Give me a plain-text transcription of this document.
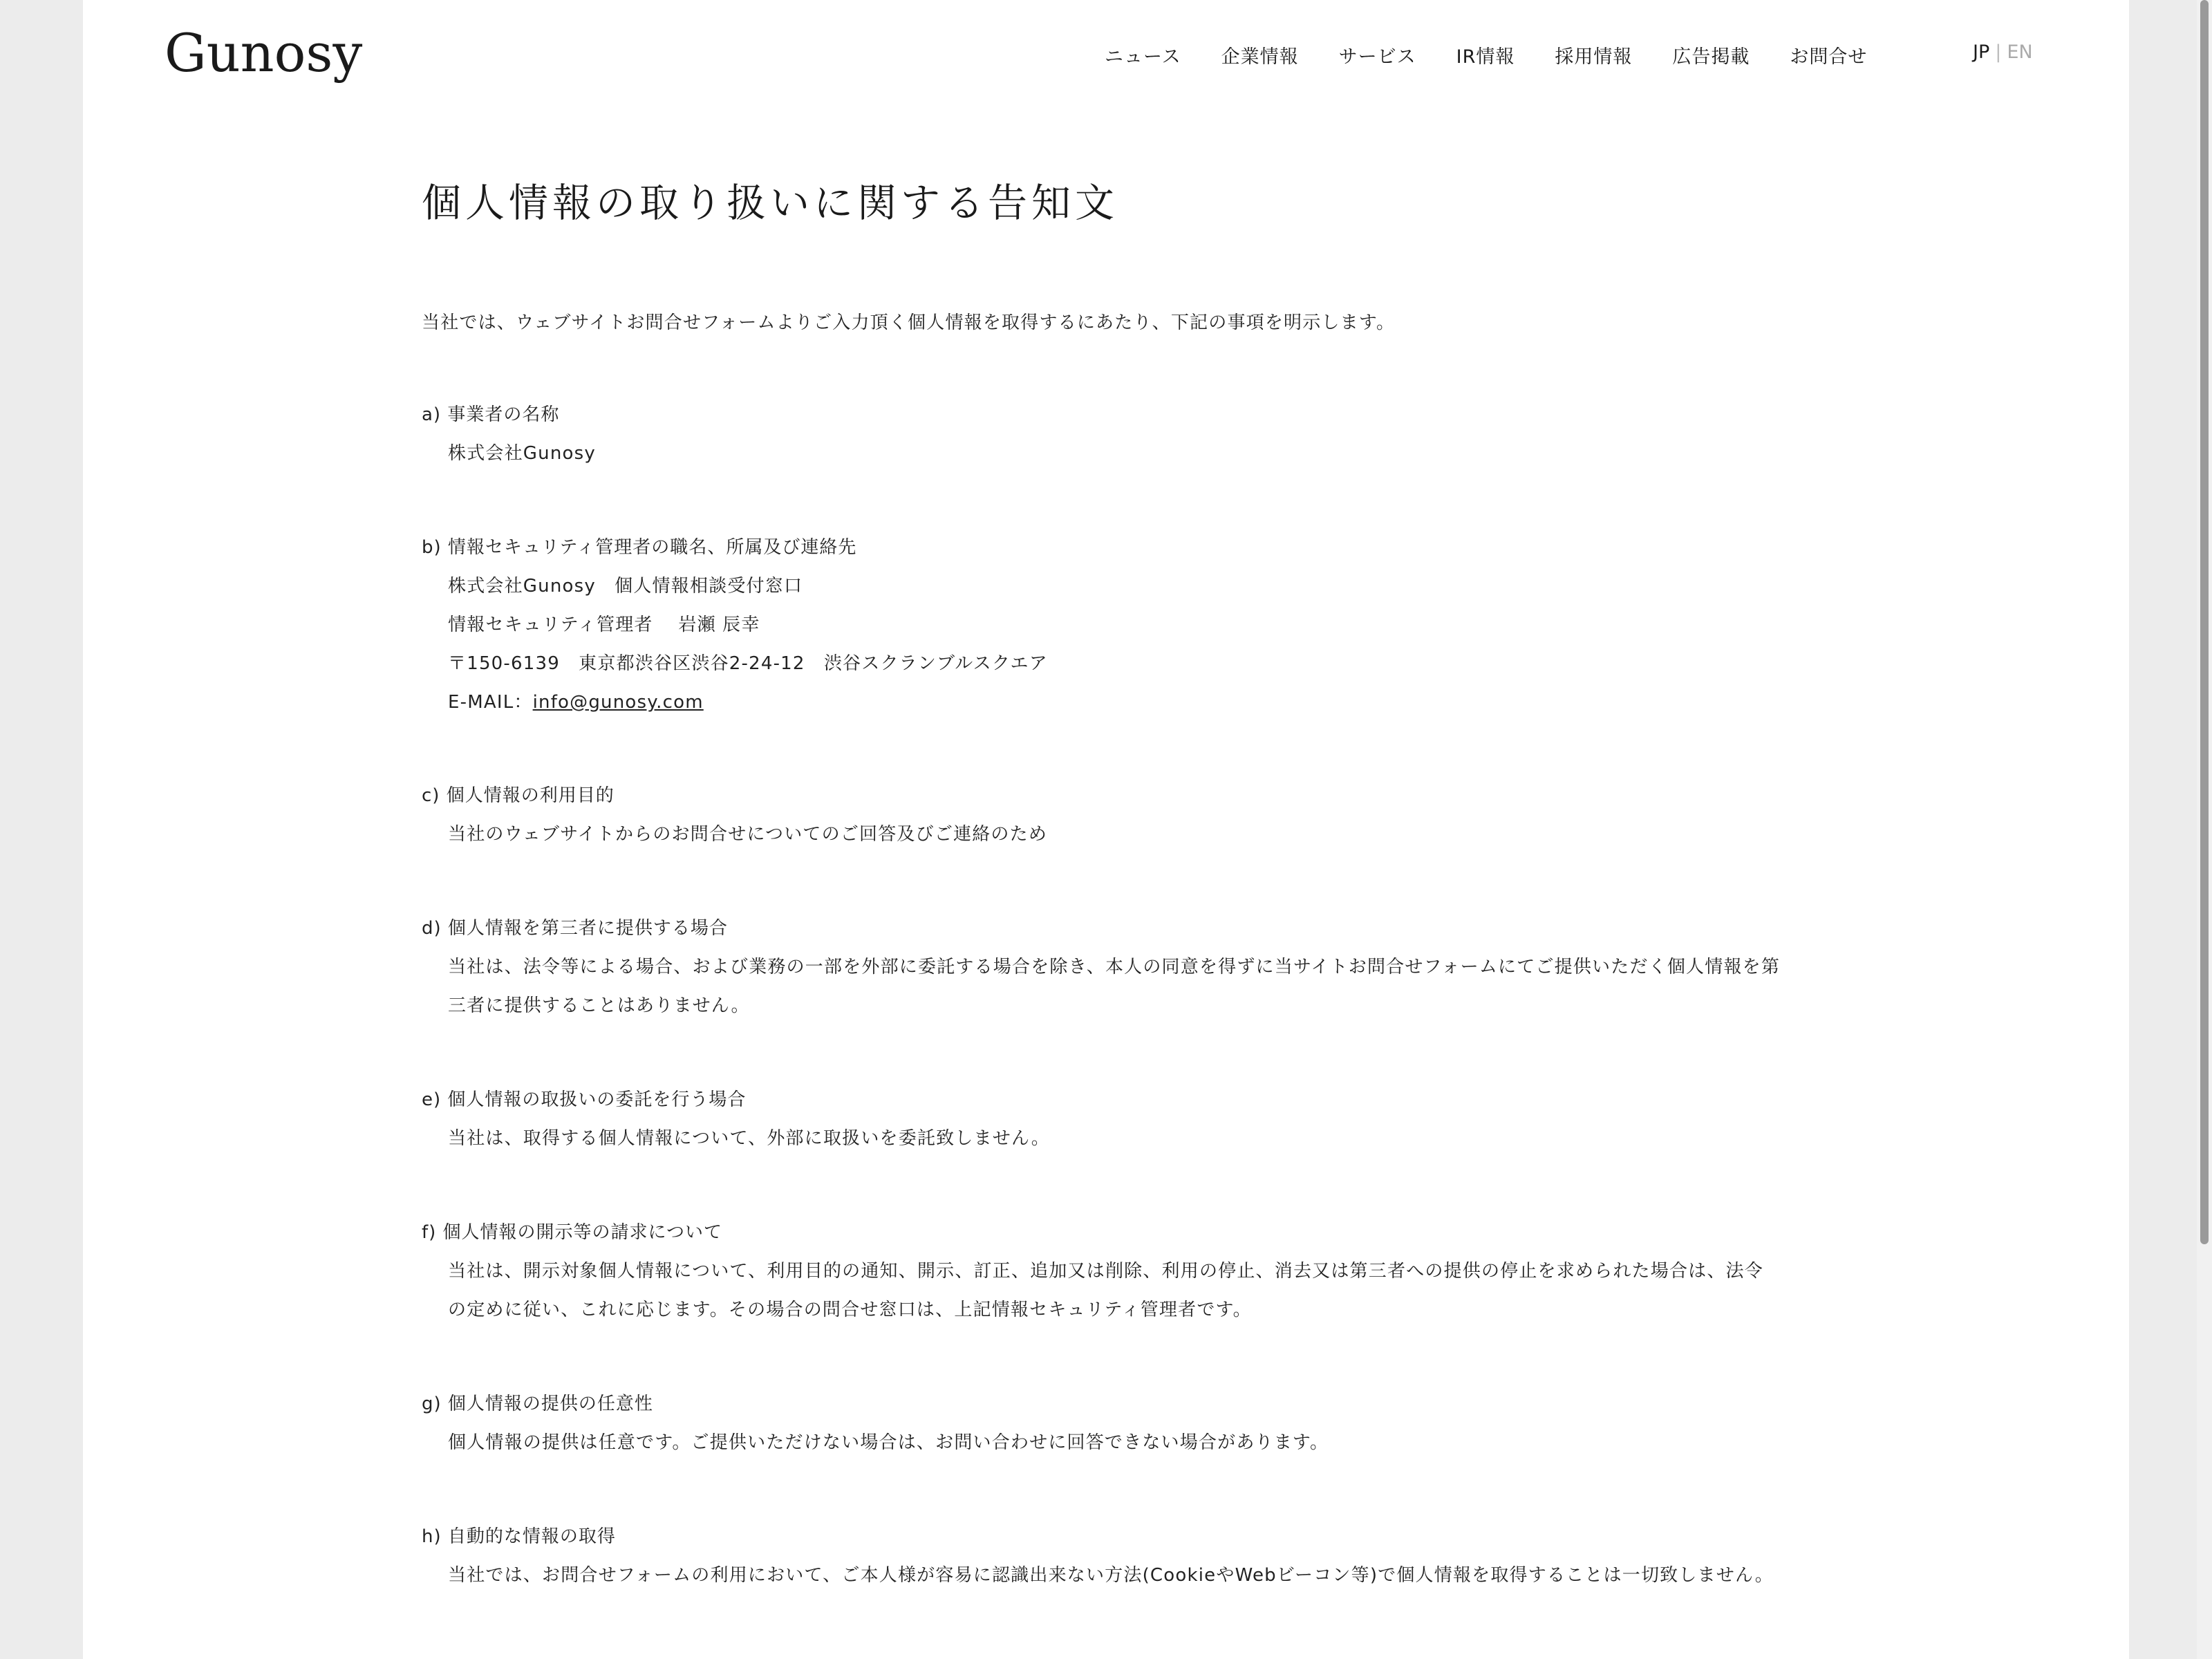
Gunosy	ニュース 企業情報 サービス IR情報 採用情報 広告掲載 お問合せ	JP | EN
個人情報の取り扱いに関する告知文

当社では、ウェブサイトお問合せフォームよりご入力頂く個人情報を取得するにあたり、下記の事項を明示します。

a) 事業者の名称
株式会社Gunosy
b) 情報セキュリティ管理者の職名、所属及び連絡先
株式会社Gunosy　個人情報相談受付窓口
情報セキュリティ管理者　 岩瀬 辰幸
〒150-6139　東京都渋谷区渋谷2-24-12　渋谷スクランブルスクエア
E-MAIL：info@gunosy.com
c) 個人情報の利用目的
当社のウェブサイトからのお問合せについてのご回答及びご連絡のため
d) 個人情報を第三者に提供する場合
当社は、法令等による場合、および業務の一部を外部に委託する場合を除き、本人の同意を得ずに当サイトお問合せフォームにてご提供いただく個人情報を第三者に提供することはありません。
e) 個人情報の取扱いの委託を行う場合
当社は、取得する個人情報について、外部に取扱いを委託致しません。
f) 個人情報の開示等の請求について
当社は、開示対象個人情報について、利用目的の通知、開示、訂正、追加又は削除、利用の停止、消去又は第三者への提供の停止を求められた場合は、法令の定めに従い、これに応じます。その場合の問合せ窓口は、上記情報セキュリティ管理者です。
g) 個人情報の提供の任意性
個人情報の提供は任意です。ご提供いただけない場合は、お問い合わせに回答できない場合があります。
h) 自動的な情報の取得
当社では、お問合せフォームの利用において、ご本人様が容易に認識出来ない方法(CookieやWebビーコン等)で個人情報を取得することは一切致しません。
